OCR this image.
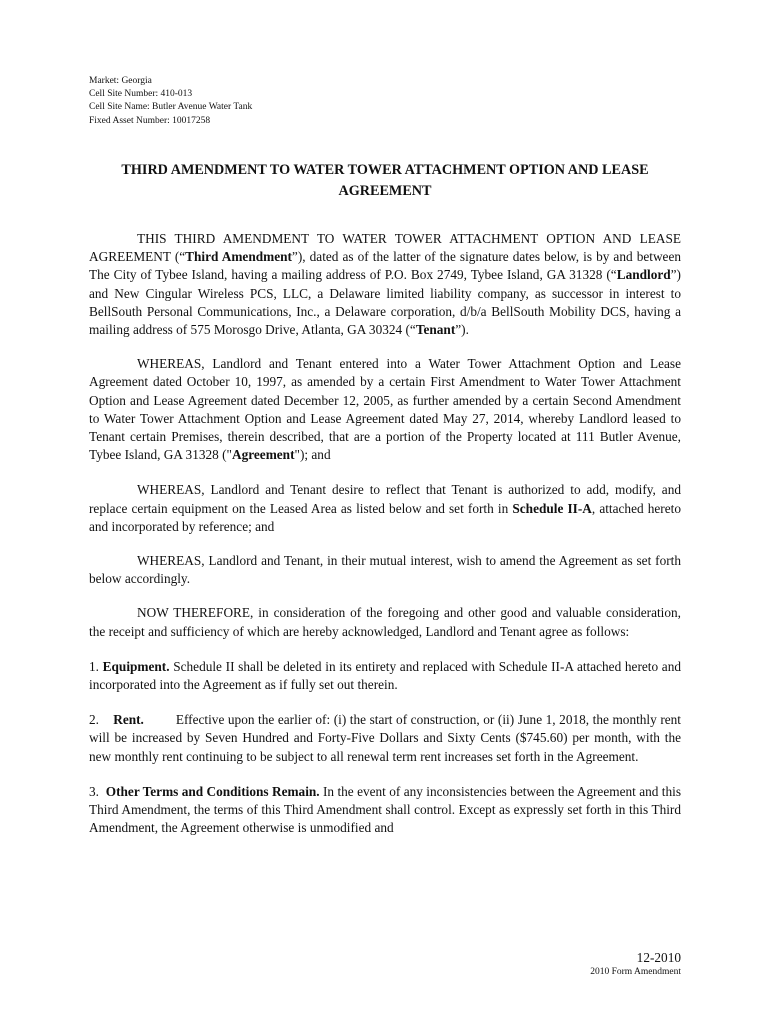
Market: Georgia
Cell Site Number: 410-013
Cell Site Name: Butler Avenue Water Tank
Fixed Asset Number: 10017258
THIRD AMENDMENT TO WATER TOWER ATTACHMENT OPTION AND LEASE
AGREEMENT

THIS THIRD AMENDMENT TO WATER TOWER ATTACHMENT OPTION AND LEASE AGREEMENT (“Third Amendment”), dated as of the latter of the signature dates below, is by and between The City of Tybee Island, having a mailing address of P.O. Box 2749, Tybee Island, GA 31328 (“Landlord”) and New Cingular Wireless PCS, LLC, a Delaware limited liability company, as successor in interest to BellSouth Personal Communications, Inc., a Delaware corporation, d/b/a BellSouth Mobility DCS, having a mailing address of 575 Morosgo Drive, Atlanta, GA 30324 (“Tenant”).

WHEREAS, Landlord and Tenant entered into a Water Tower Attachment Option and Lease Agreement dated October 10, 1997, as amended by a certain First Amendment to Water Tower Attachment Option and Lease Agreement dated December 12, 2005, as further amended by a certain Second Amendment to Water Tower Attachment Option and Lease Agreement dated May 27, 2014, whereby Landlord leased to Tenant certain Premises, therein described, that are a portion of the Property located at 111 Butler Avenue, Tybee Island, GA 31328 ("Agreement"); and

WHEREAS, Landlord and Tenant desire to reflect that Tenant is authorized to add, modify, and replace certain equipment on the Leased Area as listed below and set forth in Schedule II-A, attached hereto and incorporated by reference; and

WHEREAS, Landlord and Tenant, in their mutual interest, wish to amend the Agreement as set forth below accordingly.

NOW THEREFORE, in consideration of the foregoing and other good and valuable consideration, the receipt and sufficiency of which are hereby acknowledged, Landlord and Tenant agree as follows:

1. Equipment. Schedule II shall be deleted in its entirety and replaced with Schedule II-A attached hereto and incorporated into the Agreement as if fully set out therein.

2. Rent. Effective upon the earlier of: (i) the start of construction, or (ii) June 1, 2018, the monthly rent will be increased by Seven Hundred and Forty-Five Dollars and Sixty Cents ($745.60) per month, with the new monthly rent continuing to be subject to all renewal term rent increases set forth in the Agreement.

3. Other Terms and Conditions Remain. In the event of any inconsistencies between the Agreement and this Third Amendment, the terms of this Third Amendment shall control. Except as expressly set forth in this Third Amendment, the Agreement otherwise is unmodified and

12-2010
2010 Form Amendment
